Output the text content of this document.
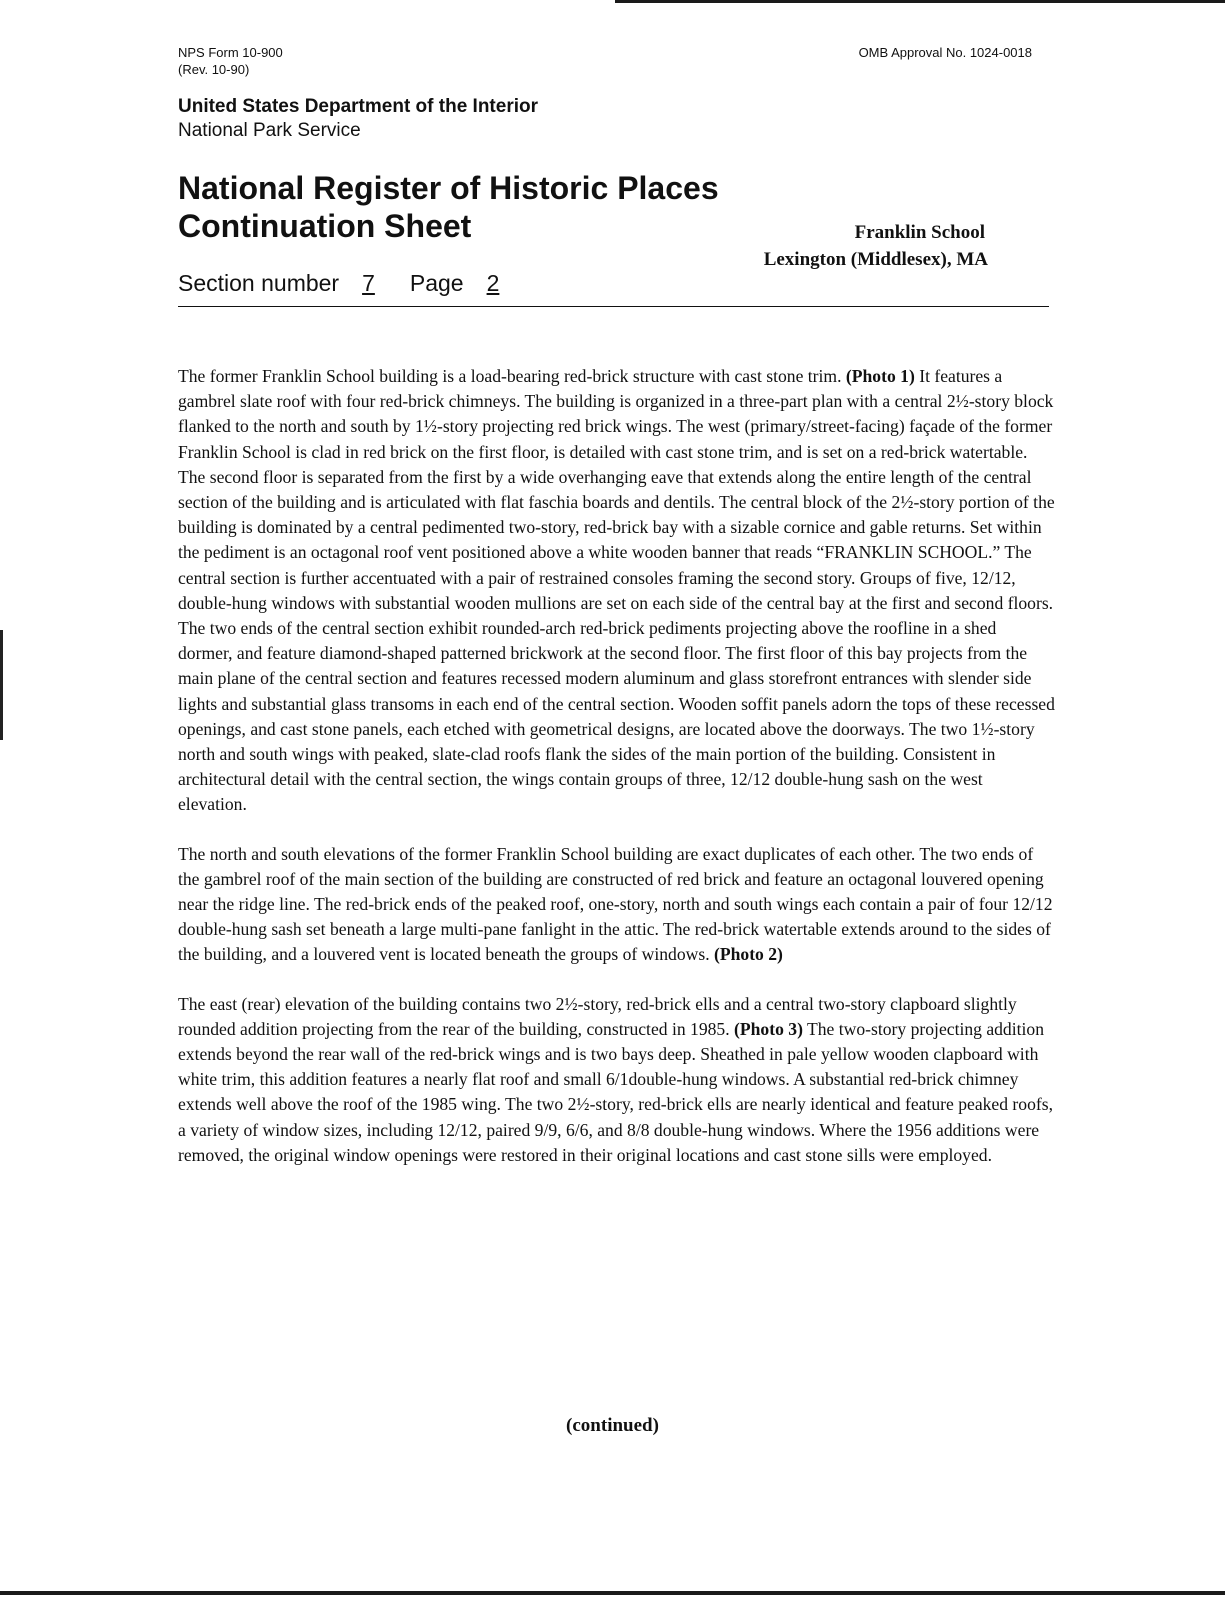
NPS Form 10-900
(Rev. 10-90)
OMB Approval No. 1024-0018
United States Department of the Interior
National Park Service
National Register of Historic Places
Continuation Sheet	Franklin School
Lexington (Middlesex), MA
Section number 7 Page 2

The former Franklin School building is a load-bearing red-brick structure with cast stone trim. (Photo 1) It features a gambrel slate roof with four red-brick chimneys. The building is organized in a three-part plan with a central 2½-story block flanked to the north and south by 1½-story projecting red brick wings. The west (primary/street-facing) façade of the former Franklin School is clad in red brick on the first floor, is detailed with cast stone trim, and is set on a red-brick watertable. The second floor is separated from the first by a wide overhanging eave that extends along the entire length of the central section of the building and is articulated with flat faschia boards and dentils. The central block of the 2½-story portion of the building is dominated by a central pedimented two-story, red-brick bay with a sizable cornice and gable returns. Set within the pediment is an octagonal roof vent positioned above a white wooden banner that reads “FRANKLIN SCHOOL.” The central section is further accentuated with a pair of restrained consoles framing the second story. Groups of five, 12/12, double-hung windows with substantial wooden mullions are set on each side of the central bay at the first and second floors. The two ends of the central section exhibit rounded-arch red-brick pediments projecting above the roofline in a shed dormer, and feature diamond-shaped patterned brickwork at the second floor. The first floor of this bay projects from the main plane of the central section and features recessed modern aluminum and glass storefront entrances with slender side lights and substantial glass transoms in each end of the central section. Wooden soffit panels adorn the tops of these recessed openings, and cast stone panels, each etched with geometrical designs, are located above the doorways. The two 1½-story north and south wings with peaked, slate-clad roofs flank the sides of the main portion of the building. Consistent in architectural detail with the central section, the wings contain groups of three, 12/12 double-hung sash on the west elevation.

The north and south elevations of the former Franklin School building are exact duplicates of each other. The two ends of the gambrel roof of the main section of the building are constructed of red brick and feature an octagonal louvered opening near the ridge line. The red-brick ends of the peaked roof, one-story, north and south wings each contain a pair of four 12/12 double-hung sash set beneath a large multi-pane fanlight in the attic. The red-brick watertable extends around to the sides of the building, and a louvered vent is located beneath the groups of windows. (Photo 2)

The east (rear) elevation of the building contains two 2½-story, red-brick ells and a central two-story clapboard slightly rounded addition projecting from the rear of the building, constructed in 1985. (Photo 3) The two-story projecting addition extends beyond the rear wall of the red-brick wings and is two bays deep. Sheathed in pale yellow wooden clapboard with white trim, this addition features a nearly flat roof and small 6/1double-hung windows. A substantial red-brick chimney extends well above the roof of the 1985 wing. The two 2½-story, red-brick ells are nearly identical and feature peaked roofs, a variety of window sizes, including 12/12, paired 9/9, 6/6, and 8/8 double-hung windows. Where the 1956 additions were removed, the original window openings were restored in their original locations and cast stone sills were employed.

(continued)
